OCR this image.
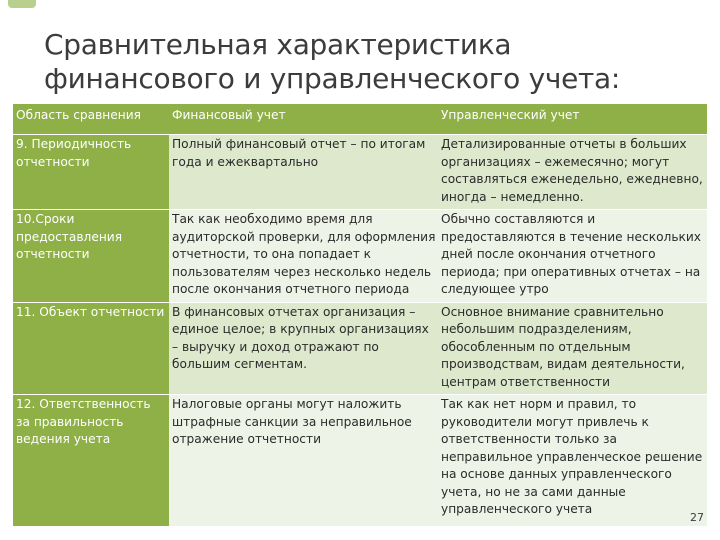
Сравнительная характеристика
финансового и управленческого учета:
Область сравнения	Финансовый учет	Управленческий учет
9. Периодичность отчетности	Полный финансовый отчет – по итогам года и ежеквартально	Детализированные отчеты в больших организациях – ежемесячно; могут составляться еженедельно, ежедневно, иногда – немедленно.
10.Сроки предоставления отчетности	Так как необходимо время для аудиторской проверки, для оформления отчетности, то она попадает к пользователям через несколько недель после окончания отчетного периода	Обычно составляются и предоставляются в течение нескольких дней после окончания отчетного периода; при оперативных отчетах – на следующее утро
11. Объект отчетности	В финансовых отчетах организация – единое целое; в крупных организациях – выручку и доход отражают по большим сегментам.	Основное внимание сравнительно небольшим подразделениям, обособленным по отдельным производствам, видам деятельности, центрам ответственности
12. Ответственность за правильность ведения учета	Налоговые органы могут наложить штрафные санкции за неправильное отражение отчетности	Так как нет норм и правил, то руководители могут привлечь к ответственности только за неправильное управленческое решение на основе данных управленческого учета, но не за сами данные управленческого учета
27
